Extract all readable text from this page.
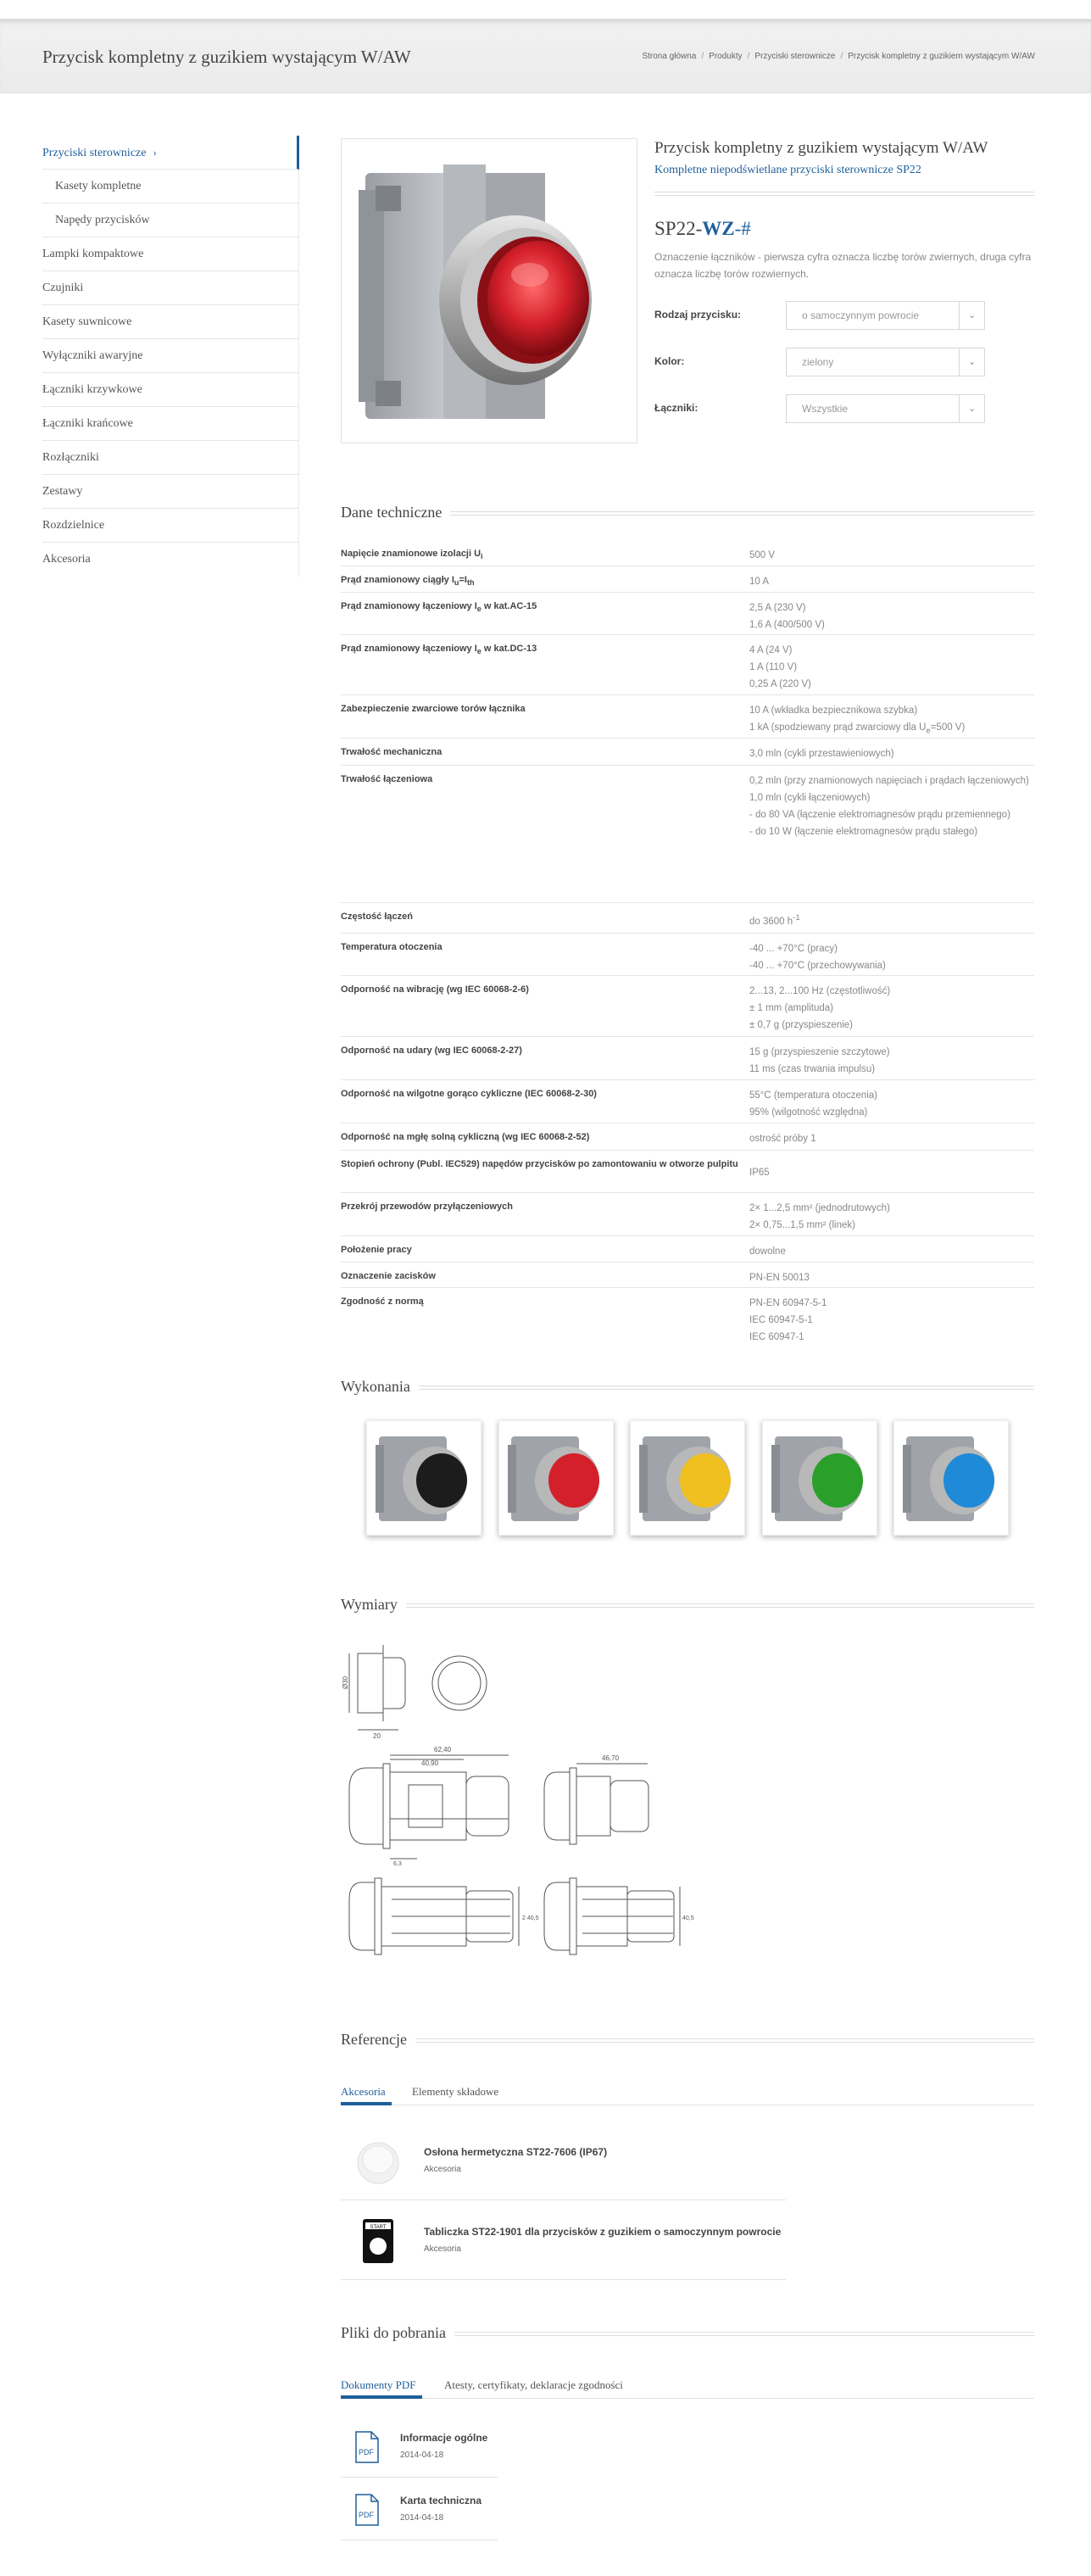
Przycisk kompletny z guzikiem wystającym W/AW	Strona główna / Produkty / Przyciski sterownicze / Przycisk kompletny z guzikiem wystającym W/AW
Przyciski sterownicze ›
Kasety kompletne
Napędy przycisków
Lampki kompaktowe
Czujniki
Kasety suwnicowe
Wyłączniki awaryjne
Łączniki krzywkowe
Łączniki krańcowe
Rozłączniki
Zestawy
Rozdzielnice
Akcesoria
Przycisk kompletny z guzikiem wystającym W/AW
Kompletne niepodświetlane przyciski sterownicze SP22
SP22-WZ-#
Oznaczenie łączników - pierwsza cyfra oznacza liczbę torów zwiernych, druga cyfra oznacza liczbę torów rozwiernych.
Rodzaj przycisku:	o samoczynnym powrocie	⌄
Kolor:	zielony	⌄
Łączniki:	Wszystkie	⌄
Dane techniczne
Napięcie znamionowe izolacji $U_i$	500 V
Prąd znamionowy ciągły $I_u=I_{th}$	10 A
Prąd znamionowy łączeniowy $I_e$ w kat.AC-15	2,5 A (230 V)
1,6 A (400/500 V)
Prąd znamionowy łączeniowy $I_e$ w kat.DC-13	4 A (24 V)
1 A (110 V)
0,25 A (220 V)
Zabezpieczenie zwarciowe torów łącznika	10 A (wkładka bezpiecznikowa szybka)
1 kA (spodziewany prąd zwarciowy dla $U_e=500$ V)
Trwałość mechaniczna	3,0 mln (cykli przestawieniowych)
Trwałość łączeniowa	0,2 mln (przy znamionowych napięciach i prądach łączeniowych)
1,0 mln (cykli łączeniowych)
- do 80 VA (łączenie elektromagnesów prądu przemiennego)
- do 10 W (łączenie elektromagnesów prądu stałego)
Częstość łączeń	do 3600 $h^{-1}$
Temperatura otoczenia	-40 ... +70°C (pracy)
-40 ... +70°C (przechowywania)
Odporność na wibrację (wg IEC 60068-2-6)	2...13, 2...100 Hz (częstotliwość)
± 1 mm (amplituda)
± 0,7 g (przyspieszenie)
Odporność na udary (wg IEC 60068-2-27)	15 g (przyspieszenie szczytowe)
11 ms (czas trwania impulsu)
Odporność na wilgotne gorąco cykliczne (IEC 60068-2-30)	55°C (temperatura otoczenia)
95% (wilgotność względna)
Odporność na mgłę solną cykliczną (wg IEC 60068-2-52)	ostrość próby 1
Stopień ochrony (Publ. IEC529) napędów przycisków po zamontowaniu w otworze pulpitu
IP65
Przekrój przewodów przyłączeniowych	2× 1...2,5 mm² (jednodrutowych)
2× 0,75...1,5 mm² (linek)
Położenie pracy	dowolne
Oznaczenie zacisków	PN-EN 50013
Zgodność z normą	PN-EN 60947-5-1
IEC 60947-5-1
IEC 60947-1
Wykonania
Wymiary
Ø30
20
62,40
40,90
6,3
46,70
2 40,5	40,5
Referencje
Akcesoria Elementy składowe
Osłona hermetyczna ST22-7606 (IP67)
Akcesoria
START	Tabliczka ST22-1901 dla przycisków z guzikiem o samoczynnym powrocie
Akcesoria
Pliki do pobrania
Dokumenty PDF	Atesty, certyfikaty, deklaracje zgodności
PDF
Informacje ogólne
2014-04-18
PDF
Karta techniczna
2014-04-18
